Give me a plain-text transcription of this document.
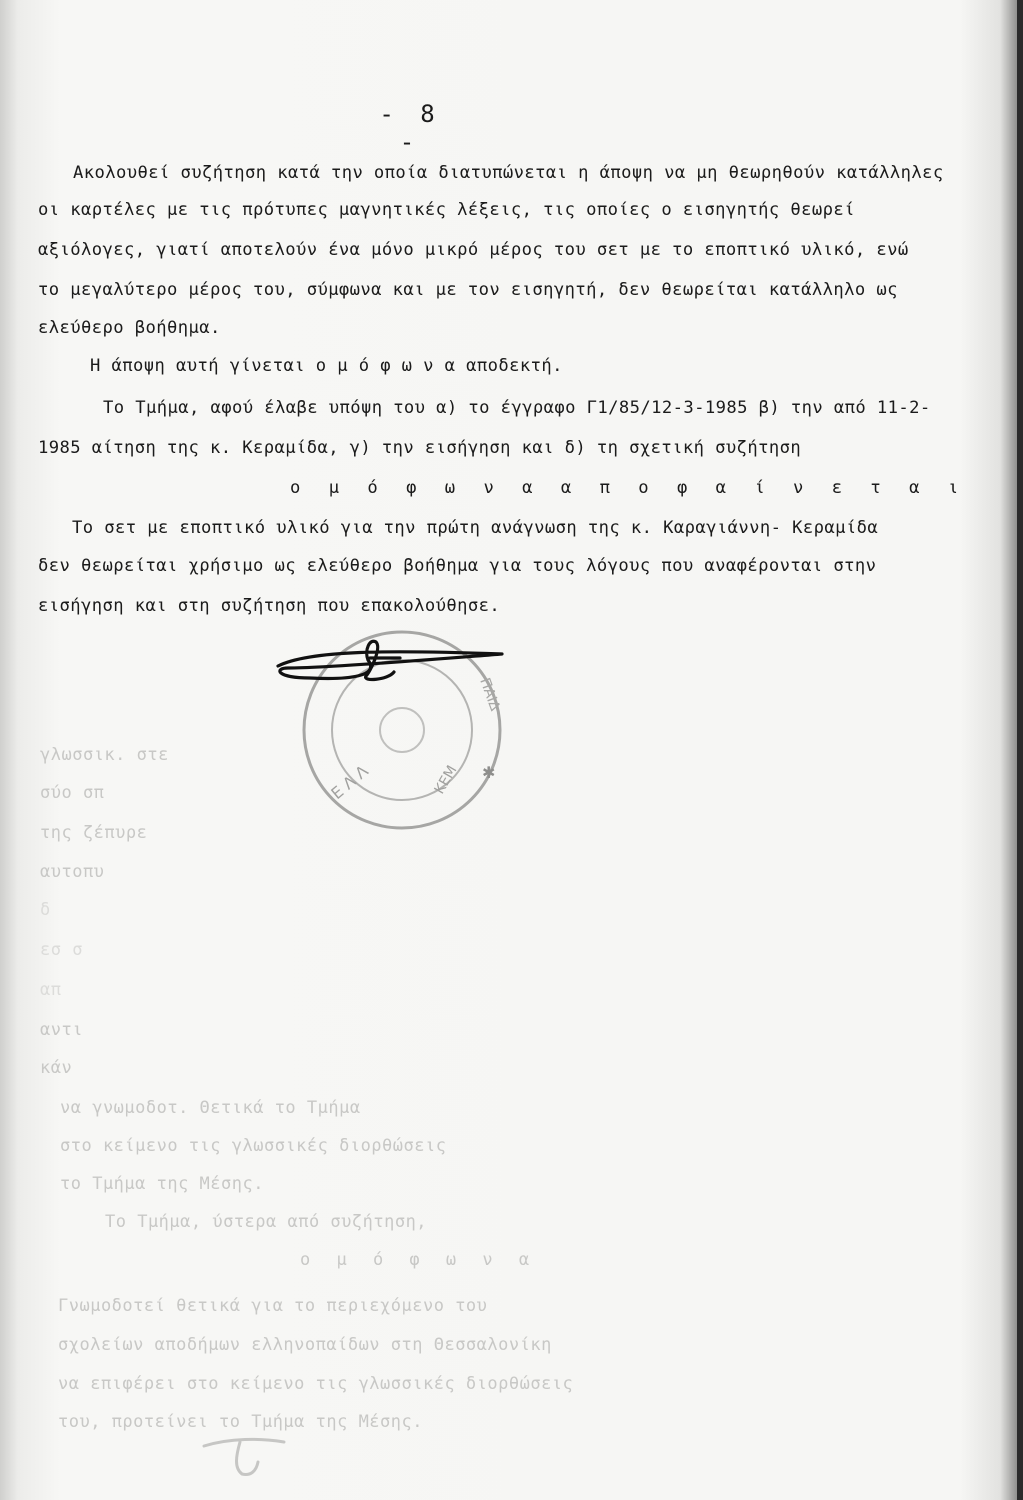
γλωσσικ. στε
σύο σπ
της ζέπυρε
αυτοπυ
δ
εσ σ
απ
αντι
κάν
να γνωμοδοτ. Θετικά το Τμήμα
στο κείμενο τις γλωσσικές διορθώσεις
το Τμήμα της Μέσης.
Το Τμήμα, ύστερα από συζήτηση,
ο μ ό φ ω ν α
Γνωμοδοτεί θετικά για το περιεχόμενο του
σχολείων αποδήμων ελληνοπαίδων στη Θεσσαλονίκη
να επιφέρει στο κείμενο τις γλωσσικές διορθώσεις
του, προτείνει το Τμήμα της Μέσης.
- 8 -
Ακολουθεί συζήτηση κατά την οποία διατυπώνεται η άποψη να μη θεωρηθούν κατάλληλες
οι καρτέλες με τις πρότυπες μαγνητικές λέξεις, τις οποίες ο εισηγητής θεωρεί
αξιόλογες, γιατί αποτελούν ένα μόνο μικρό μέρος του σετ με το εποπτικό υλικό, ενώ
το μεγαλύτερο μέρος του, σύμφωνα και με τον εισηγητή, δεν θεωρείται κατάλληλο ως
ελεύθερο βοήθημα.
Η άποψη αυτή γίνεται ο μ ό φ ω ν α αποδεκτή.
Το Τμήμα, αφού έλαβε υπόψη του α) το έγγραφο Γ1/85/12-3-1985 β) την από 11-2-
1985 αίτηση της κ. Κεραμίδα, γ) την εισήγηση και δ) τη σχετική συζήτηση
ο μ ό φ ω ν α α π ο φ α ί ν ε τ α ι
Το σετ με εποπτικό υλικό για την πρώτη ανάγνωση της κ. Καραγιάννη- Κεραμίδα
δεν θεωρείται χρήσιμο ως ελεύθερο βοήθημα για τους λόγους που αναφέρονται στην
εισήγηση και στη συζήτηση που επακολούθησε.
Ε Λ Λ	ΚΕΜ
ΠΑΙΔ
✱
